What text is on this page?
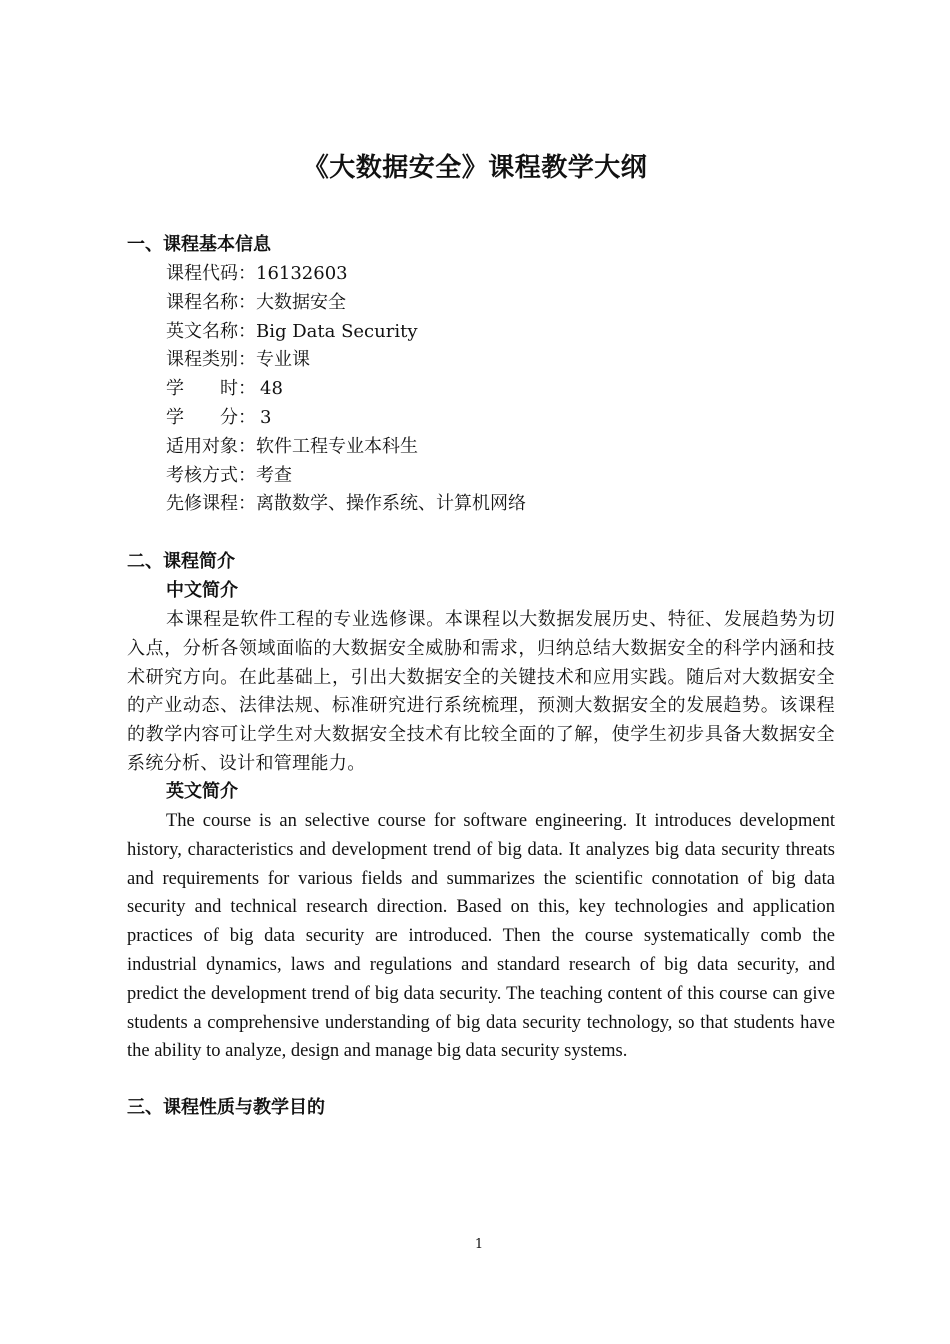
《大数据安全》课程教学大纲
一、课程基本信息
课程代码：16132603
课程名称：大数据安全
英文名称：Big Data Security
课程类别：专业课
学　　时： 48
学　　分： 3
适用对象：软件工程专业本科生
考核方式：考查
先修课程：离散数学、操作系统、计算机网络
二、课程简介
中文简介

本课程是软件工程的专业选修课。本课程以大数据发展历史、特征、发展趋势为切入点，分析各领域面临的大数据安全威胁和需求，归纳总结大数据安全的科学内涵和技术研究方向。在此基础上，引出大数据安全的关键技术和应用实践。随后对大数据安全的产业动态、法律法规、标准研究进行系统梳理，预测大数据安全的发展趋势。该课程的教学内容可让学生对大数据安全技术有比较全面的了解，使学生初步具备大数据安全系统分析、设计和管理能力。

英文简介

The course is an selective course for software engineering. It introduces development history, characteristics and development trend of big data. It analyzes big data security threats and requirements for various fields and summarizes the scientific connotation of big data security and technical research direction. Based on this, key technologies and application practices of big data security are introduced. Then the course systematically comb the industrial dynamics, laws and regulations and standard research of big data security, and predict the development trend of big data security. The teaching content of this course can give students a comprehensive understanding of big data security technology, so that students have the ability to analyze, design and manage big data security systems.

三、课程性质与教学目的
1
